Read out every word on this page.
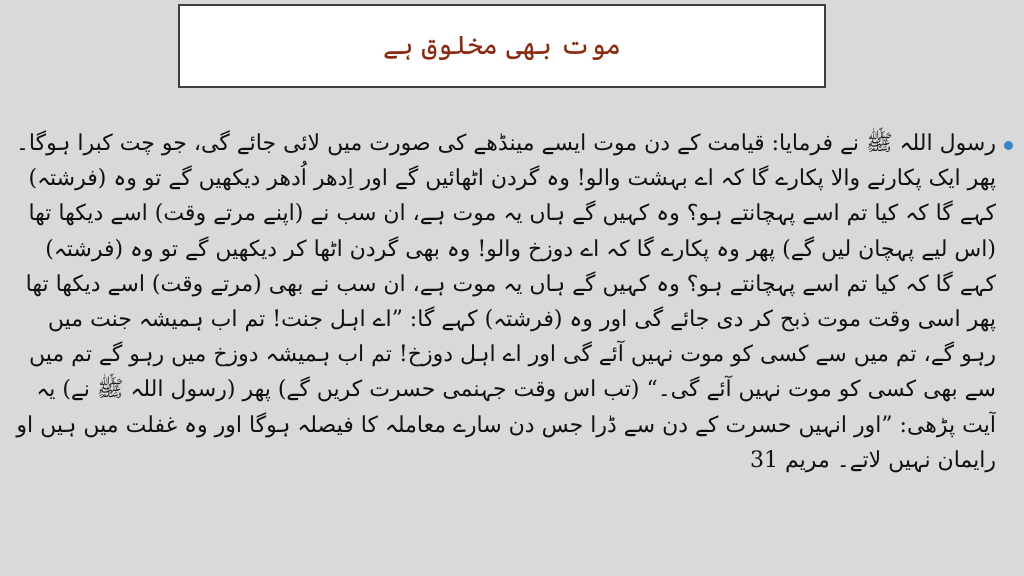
موت بھی مخلوق ہے

رسول اللہ ﷺ نے فرمایا: قیامت کے دن موت ایسے مینڈھے کی صورت میں لائی جائے گی، جو چت کبرا ہوگا۔ پھر ایک پکارنے والا پکارے گا کہ اے بہشت والو! وہ گردن اٹھائیں گے اور اِدھر اُدھر دیکھیں گے تو وہ (فرشتہ) کہے گا کہ کیا تم اسے پہچانتے ہو؟ وہ کہیں گے ہاں یہ موت ہے، ان سب نے (اپنے مرتے وقت) اسے دیکھا تھا (اس لیے پہچان لیں گے) پھر وہ پکارے گا کہ اے دوزخ والو! وہ بھی گردن اٹھا کر دیکھیں گے تو وہ (فرشتہ) کہے گا کہ کیا تم اسے پہچانتے ہو؟ وہ کہیں گے ہاں یہ موت ہے، ان سب نے بھی (مرتے وقت) اسے دیکھا تھا پھر اسی وقت موت ذبح کر دی جائے گی اور وہ (فرشتہ) کہے گا: ”اے اہل جنت! تم اب ہمیشہ جنت میں رہو گے، تم میں سے کسی کو موت نہیں آئے گی اور اے اہل دوزخ! تم اب ہمیشہ دوزخ میں رہو گے تم میں سے بھی کسی کو موت نہیں آئے گی۔“ (تب اس وقت جہنمی حسرت کریں گے) پھر (رسول اللہ ﷺ نے) یہ آیت پڑھی: ”اور انہیں حسرت کے دن سے ڈرا جس دن سارے معاملہ کا فیصلہ ہوگا اور وہ غفلت میں ہیں او رایمان نہیں لاتے۔ مریم 31
